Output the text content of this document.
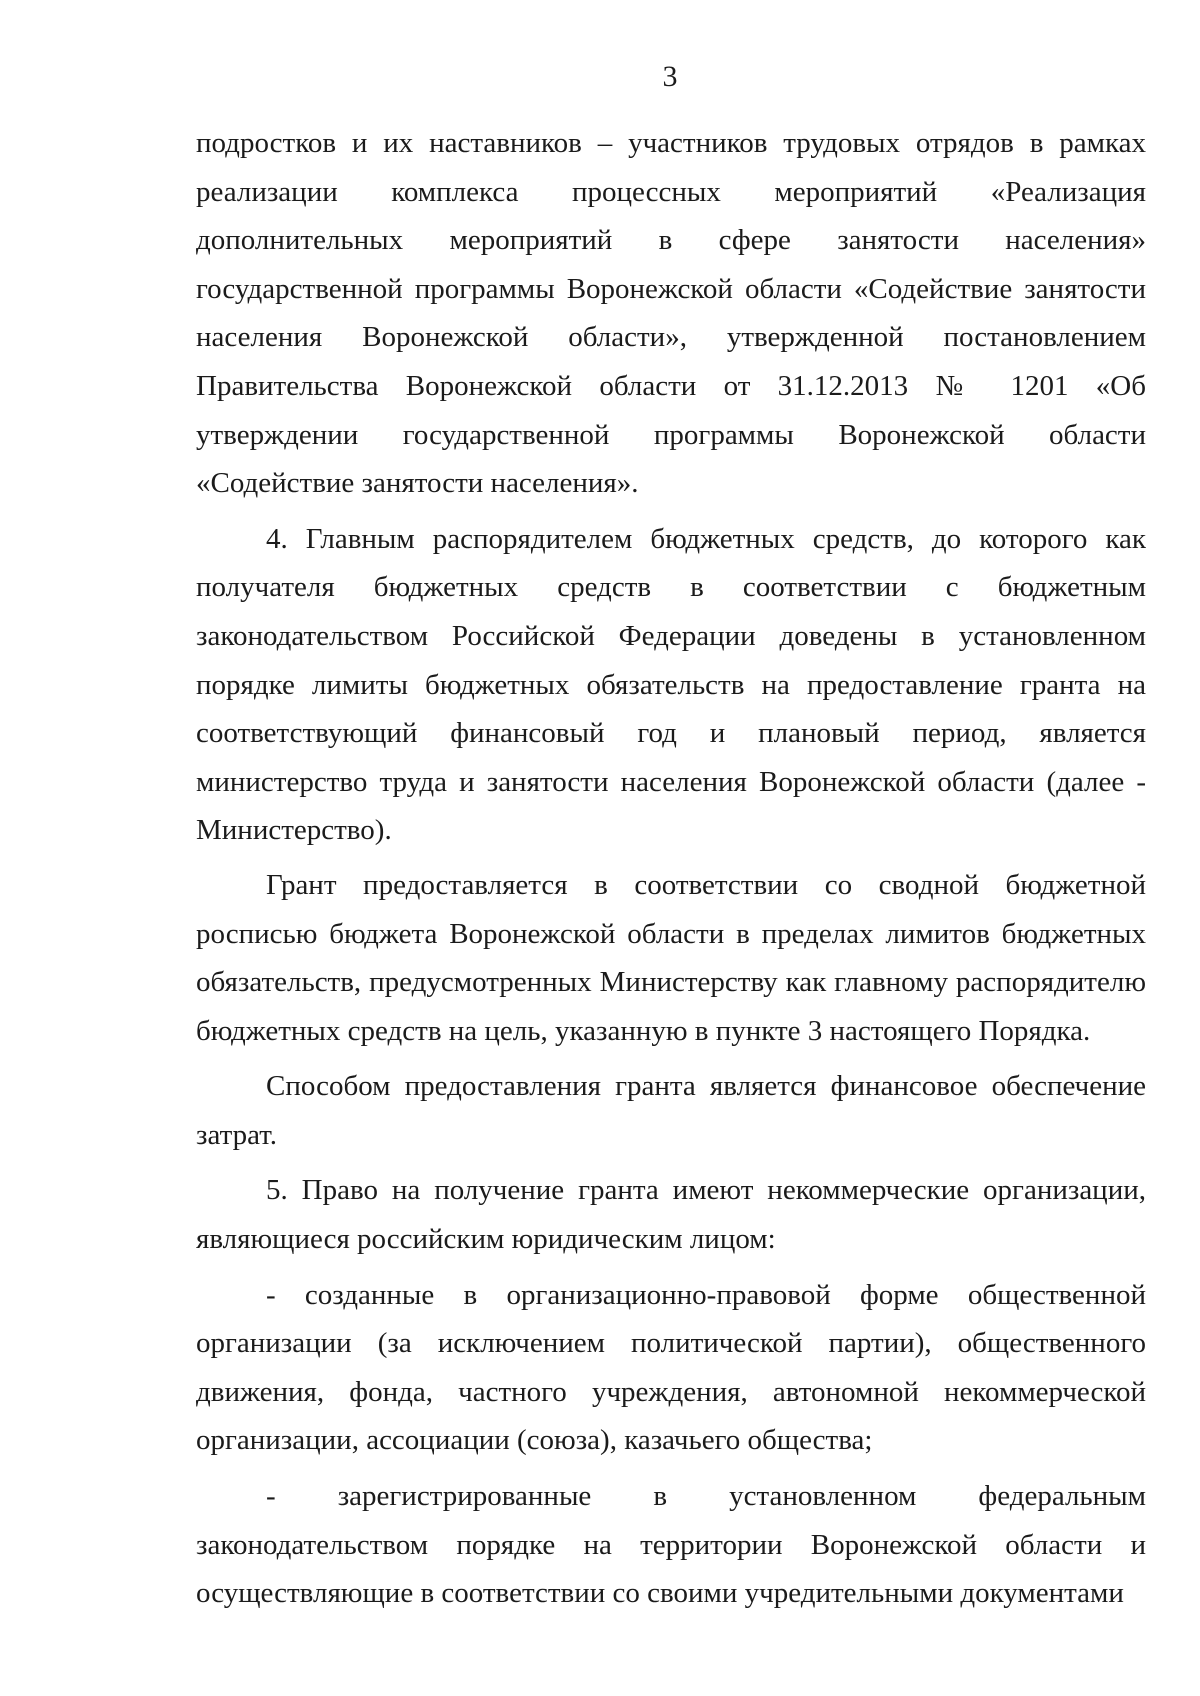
3

подростков и их наставников – участников трудовых отрядов в рамках реализации комплекса процессных мероприятий «Реализация дополнительных мероприятий в сфере занятости населения» государственной программы Воронежской области «Содействие занятости населения Воронежской области», утвержденной постановлением Правительства Воронежской области от 31.12.2013 № 1201 «Об утверждении государственной программы Воронежской области «Содействие занятости населения».

4. Главным распорядителем бюджетных средств, до которого как получателя бюджетных средств в соответствии с бюджетным законодательством Российской Федерации доведены в установленном порядке лимиты бюджетных обязательств на предоставление гранта на соответствующий финансовый год и плановый период, является министерство труда и занятости населения Воронежской области (далее - Министерство).

Грант предоставляется в соответствии со сводной бюджетной росписью бюджета Воронежской области в пределах лимитов бюджетных обязательств, предусмотренных Министерству как главному распорядителю бюджетных средств на цель, указанную в пункте 3 настоящего Порядка.

Способом предоставления гранта является финансовое обеспечение затрат.

5. Право на получение гранта имеют некоммерческие организации, являющиеся российским юридическим лицом:

- созданные в организационно-правовой форме общественной организации (за исключением политической партии), общественного движения, фонда, частного учреждения, автономной некоммерческой организации, ассоциации (союза), казачьего общества;

- зарегистрированные в установленном федеральным законодательством порядке на территории Воронежской области и осуществляющие в соответствии со своими учредительными документами
